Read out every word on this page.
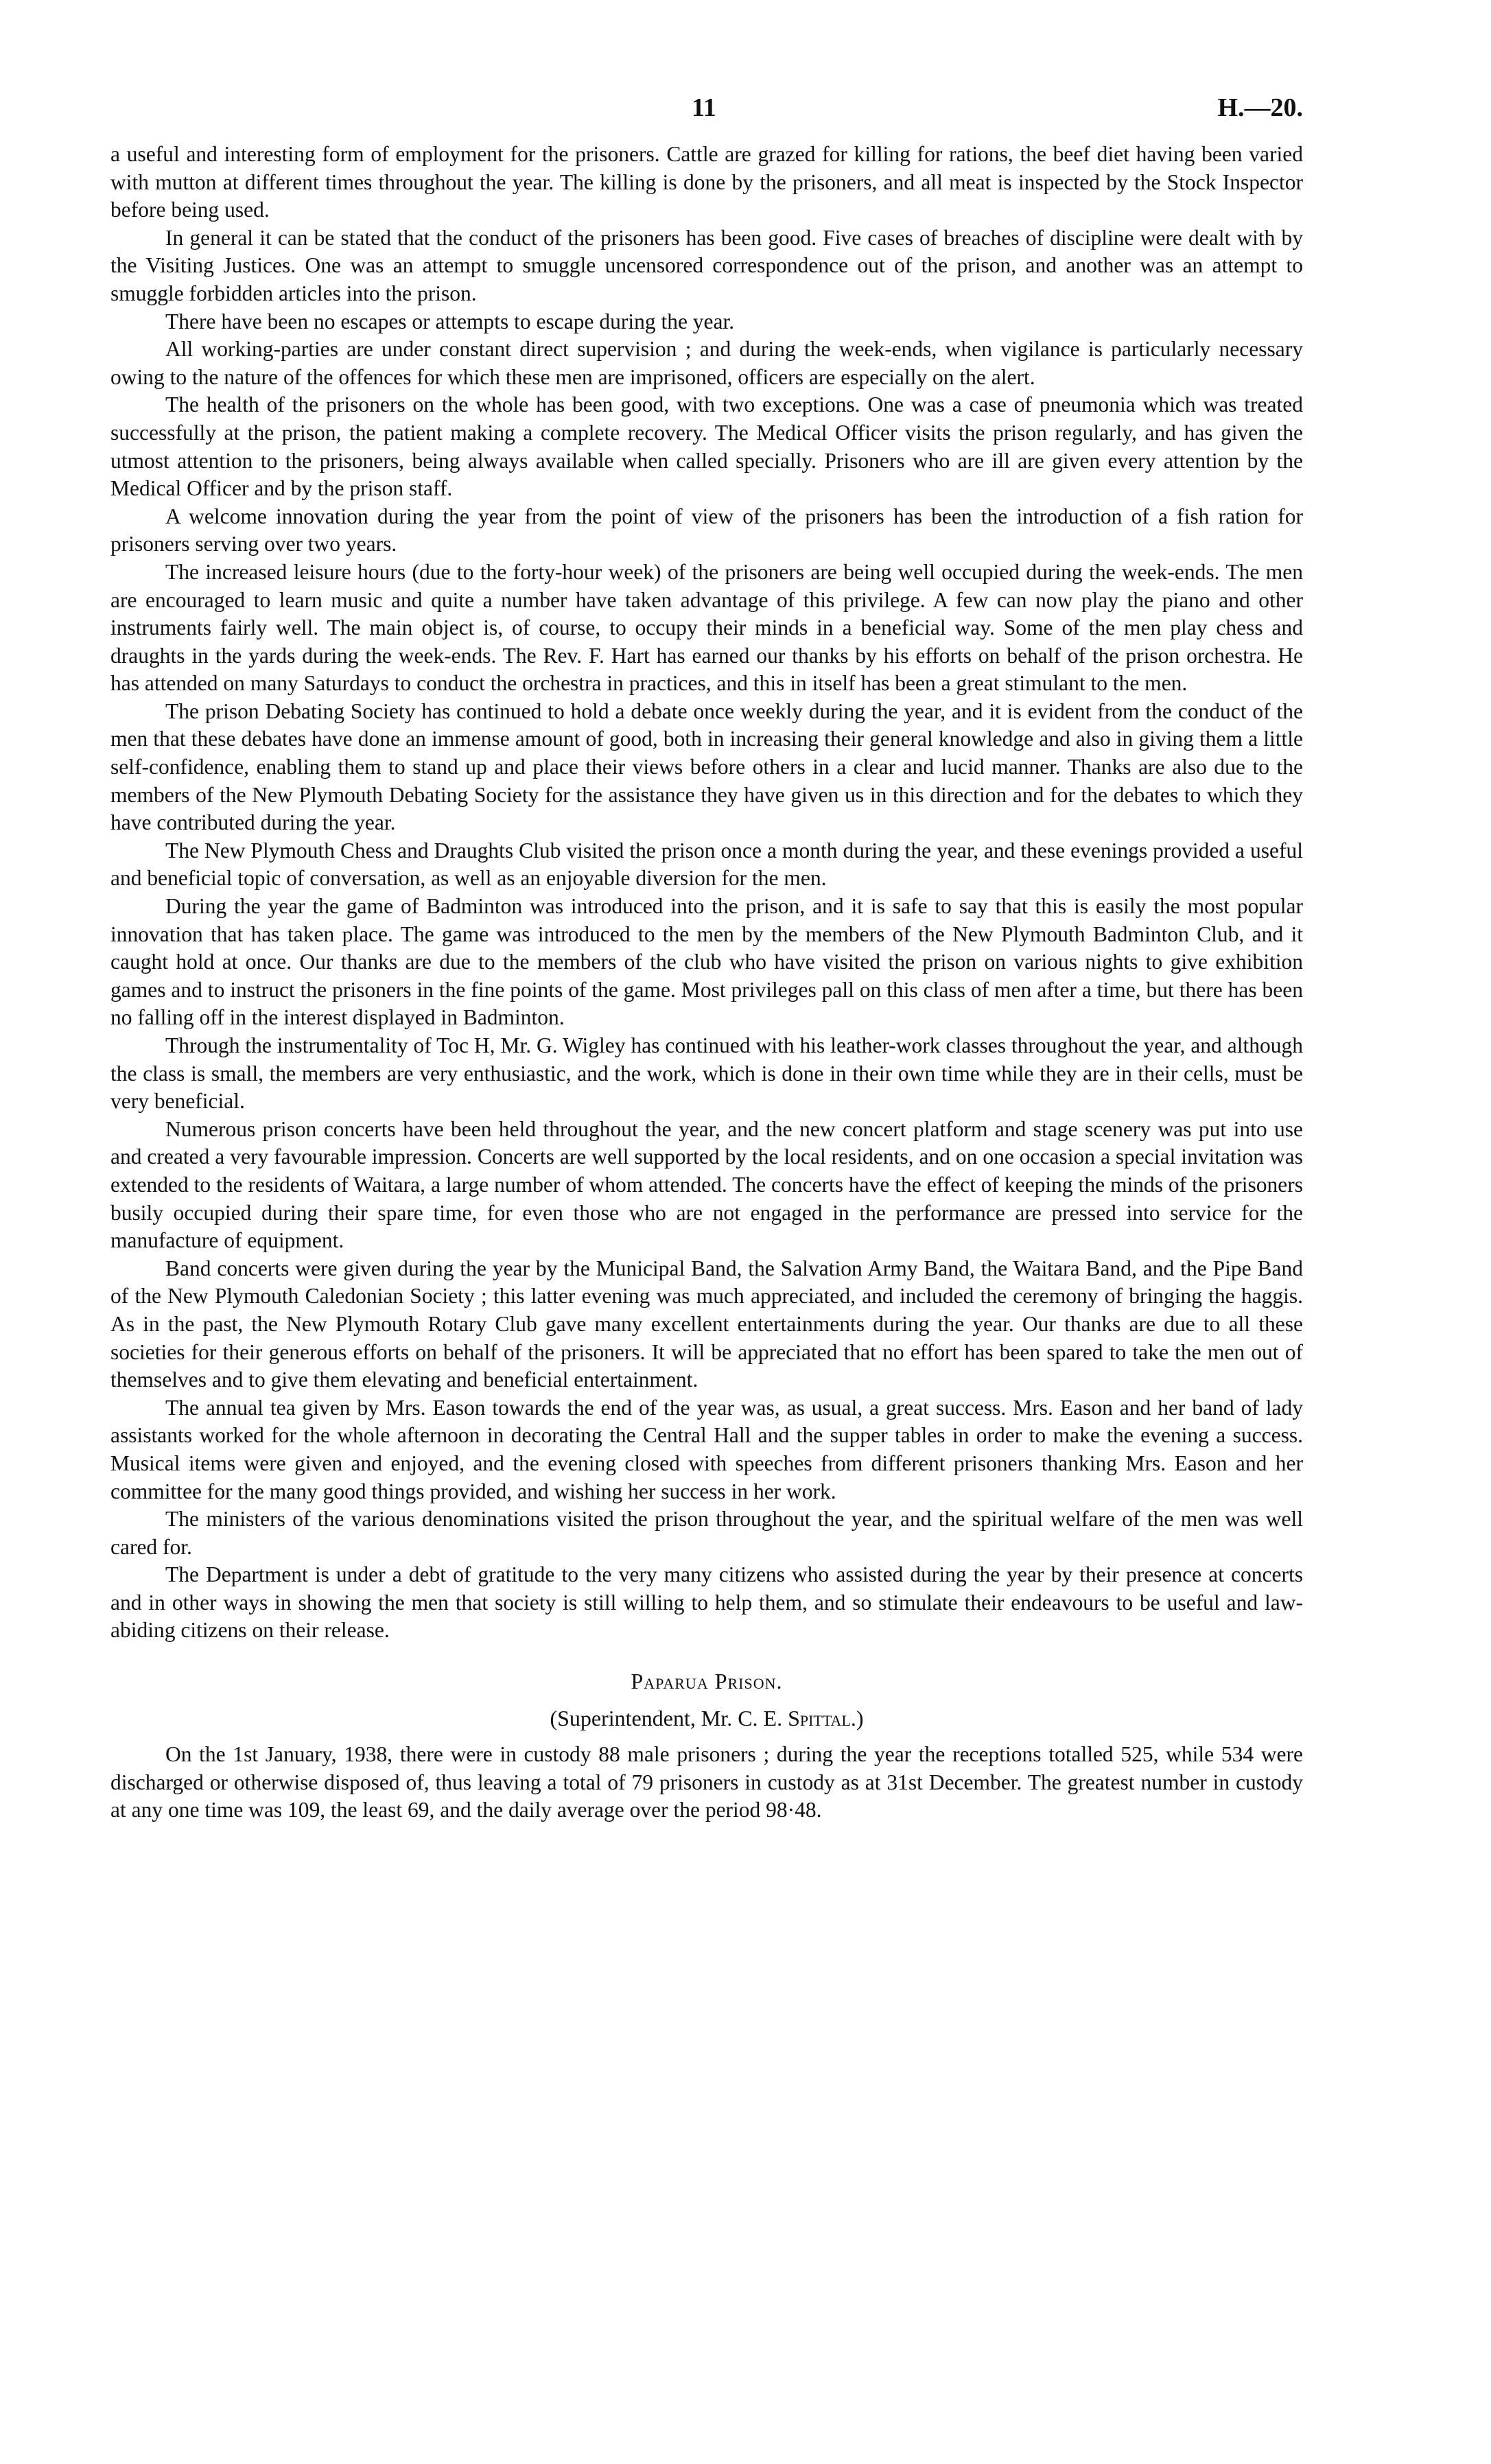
11	H.—20.

a useful and interesting form of employment for the prisoners. Cattle are grazed for killing for rations, the beef diet having been varied with mutton at different times throughout the year. The killing is done by the prisoners, and all meat is inspected by the Stock Inspector before being used.

In general it can be stated that the conduct of the prisoners has been good. Five cases of breaches of discipline were dealt with by the Visiting Justices. One was an attempt to smuggle uncensored correspondence out of the prison, and another was an attempt to smuggle forbidden articles into the prison.

There have been no escapes or attempts to escape during the year.

All working-parties are under constant direct supervision ; and during the week-ends, when vigilance is particularly necessary owing to the nature of the offences for which these men are imprisoned, officers are especially on the alert.

The health of the prisoners on the whole has been good, with two exceptions. One was a case of pneumonia which was treated successfully at the prison, the patient making a complete recovery. The Medical Officer visits the prison regularly, and has given the utmost attention to the prisoners, being always available when called specially. Prisoners who are ill are given every attention by the Medical Officer and by the prison staff.

A welcome innovation during the year from the point of view of the prisoners has been the introduction of a fish ration for prisoners serving over two years.

The increased leisure hours (due to the forty-hour week) of the prisoners are being well occupied during the week-ends. The men are encouraged to learn music and quite a number have taken advantage of this privilege. A few can now play the piano and other instruments fairly well. The main object is, of course, to occupy their minds in a beneficial way. Some of the men play chess and draughts in the yards during the week-ends. The Rev. F. Hart has earned our thanks by his efforts on behalf of the prison orchestra. He has attended on many Saturdays to conduct the orchestra in practices, and this in itself has been a great stimulant to the men.

The prison Debating Society has continued to hold a debate once weekly during the year, and it is evident from the conduct of the men that these debates have done an immense amount of good, both in increasing their general knowledge and also in giving them a little self-confidence, enabling them to stand up and place their views before others in a clear and lucid manner. Thanks are also due to the members of the New Plymouth Debating Society for the assistance they have given us in this direction and for the debates to which they have contributed during the year.

The New Plymouth Chess and Draughts Club visited the prison once a month during the year, and these evenings provided a useful and beneficial topic of conversation, as well as an enjoyable diversion for the men.

During the year the game of Badminton was introduced into the prison, and it is safe to say that this is easily the most popular innovation that has taken place. The game was introduced to the men by the members of the New Plymouth Badminton Club, and it caught hold at once. Our thanks are due to the members of the club who have visited the prison on various nights to give exhibition games and to instruct the prisoners in the fine points of the game. Most privileges pall on this class of men after a time, but there has been no falling off in the interest displayed in Badminton.

Through the instrumentality of Toc H, Mr. G. Wigley has continued with his leather-work classes throughout the year, and although the class is small, the members are very enthusiastic, and the work, which is done in their own time while they are in their cells, must be very beneficial.

Numerous prison concerts have been held throughout the year, and the new concert platform and stage scenery was put into use and created a very favourable impression. Concerts are well supported by the local residents, and on one occasion a special invitation was extended to the residents of Waitara, a large number of whom attended. The concerts have the effect of keeping the minds of the prisoners busily occupied during their spare time, for even those who are not engaged in the performance are pressed into service for the manufacture of equipment.

Band concerts were given during the year by the Municipal Band, the Salvation Army Band, the Waitara Band, and the Pipe Band of the New Plymouth Caledonian Society ; this latter evening was much appreciated, and included the ceremony of bringing the haggis. As in the past, the New Plymouth Rotary Club gave many excellent entertainments during the year. Our thanks are due to all these societies for their generous efforts on behalf of the prisoners. It will be appreciated that no effort has been spared to take the men out of themselves and to give them elevating and beneficial entertainment.

The annual tea given by Mrs. Eason towards the end of the year was, as usual, a great success. Mrs. Eason and her band of lady assistants worked for the whole afternoon in decorating the Central Hall and the supper tables in order to make the evening a success. Musical items were given and enjoyed, and the evening closed with speeches from different prisoners thanking Mrs. Eason and her committee for the many good things provided, and wishing her success in her work.

The ministers of the various denominations visited the prison throughout the year, and the spiritual welfare of the men was well cared for.

The Department is under a debt of gratitude to the very many citizens who assisted during the year by their presence at concerts and in other ways in showing the men that society is still willing to help them, and so stimulate their endeavours to be useful and law-abiding citizens on their release.

Paparua Prison.
(Superintendent, Mr. C. E. Spittal.)

On the 1st January, 1938, there were in custody 88 male prisoners ; during the year the receptions totalled 525, while 534 were discharged or otherwise disposed of, thus leaving a total of 79 prisoners in custody as at 31st December. The greatest number in custody at any one time was 109, the least 69, and the daily average over the period 98·48.
